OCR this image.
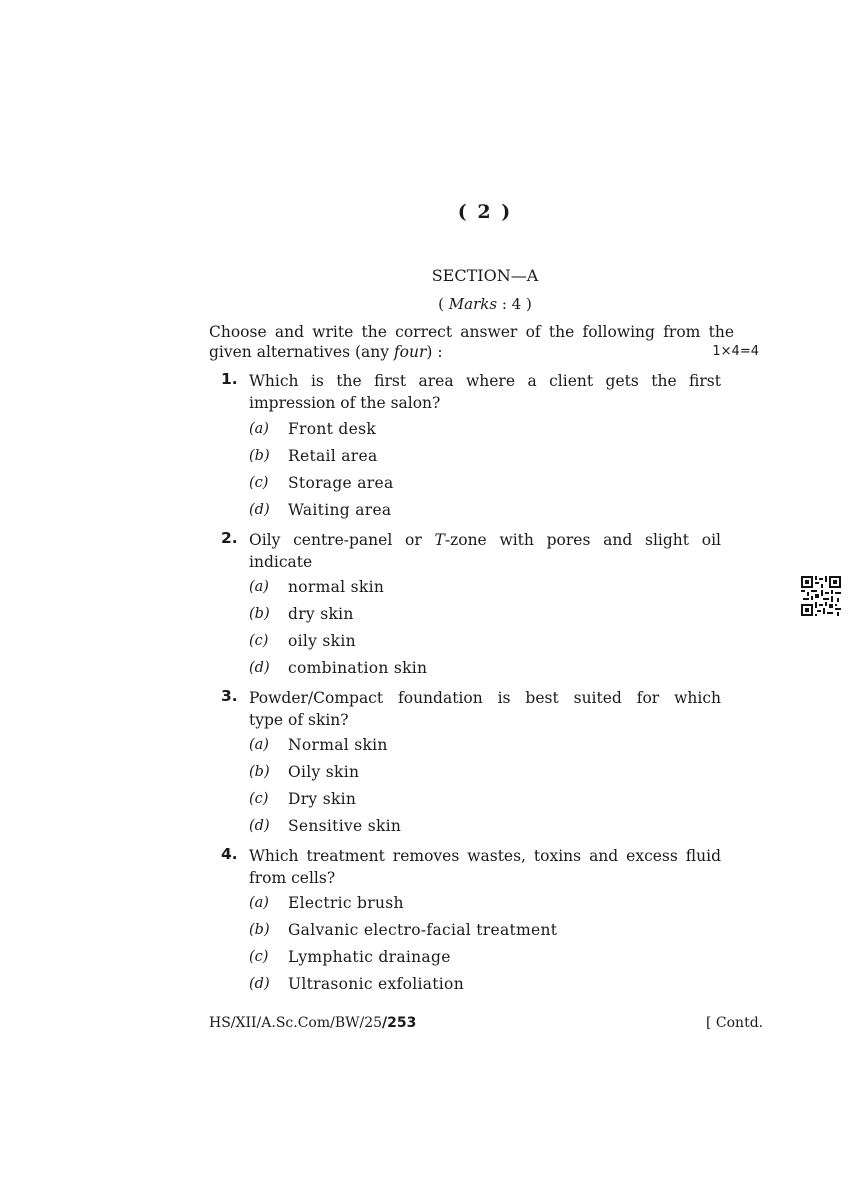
( 2 )
SECTION—A
( Marks : 4 )
Choose and write the correct answer of the following from the
given alternatives (any four) :	1×4=4
1. Which is the first area where a client gets the first
impression of the salon?
(a) Front desk
(b) Retail area
(c) Storage area
(d) Waiting area
2. Oily centre-panel or T-zone with pores and slight oil
indicate
(a) normal skin
(b) dry skin
(c) oily skin
(d) combination skin
3. Powder/Compact foundation is best suited for which
type of skin?
(a) Normal skin
(b) Oily skin
(c) Dry skin
(d) Sensitive skin
4. Which treatment removes wastes, toxins and excess fluid
from cells?
(a) Electric brush
(b) Galvanic electro-facial treatment
(c) Lymphatic drainage
(d) Ultrasonic exfoliation
HS/XII/A.Sc.Com/BW/25/253	[ Contd.
